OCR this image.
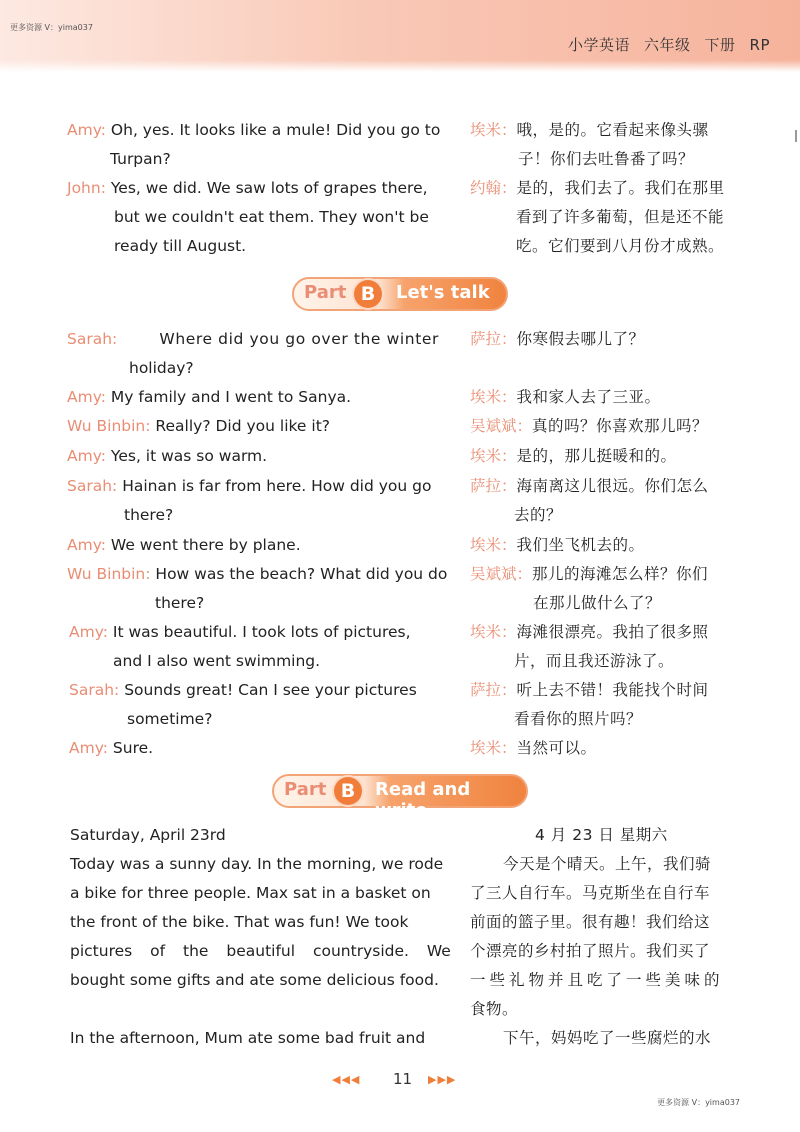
更多资源 V：yima037
小学英语 六年级 下册 RP
Amy: Oh, yes. It looks like a mule! Did you go to
Turpan?
John: Yes, we did. We saw lots of grapes there,
but we couldn't eat them. They won't be
ready till August.
埃米：哦，是的。它看起来像头骡
子！你们去吐鲁番了吗？
约翰：是的，我们去了。我们在那里
看到了许多葡萄，但是还不能
吃。它们要到八月份才成熟。
Part B	Let's talk
Sarah:	Where did you go over the winter
holiday?
Amy: My family and I went to Sanya.
Wu Binbin: Really? Did you like it?
Amy: Yes, it was so warm.
Sarah: Hainan is far from here. How did you go
there?
Amy: We went there by plane.
Wu Binbin: How was the beach? What did you do
there?
Amy: It was beautiful. I took lots of pictures,
and I also went swimming.
Sarah: Sounds great! Can I see your pictures
sometime?
Amy: Sure.
萨拉：你寒假去哪儿了？
埃米：我和家人去了三亚。
吴斌斌：真的吗？你喜欢那儿吗？
埃米：是的，那儿挺暖和的。
萨拉：海南离这儿很远。你们怎么
去的？
埃米：我们坐飞机去的。
吴斌斌：那儿的海滩怎么样？你们
在那儿做什么了？
埃米：海滩很漂亮。我拍了很多照
片，而且我还游泳了。
萨拉：听上去不错！我能找个时间
看看你的照片吗？
埃米：当然可以。
Part B	Read and write
Saturday, April 23rd
Today was a sunny day. In the morning, we rode
a bike for three people. Max sat in a basket on
the front of the bike. That was fun! We took
pictures of the beautiful countryside. We
bought some gifts and ate some delicious food.
In the afternoon, Mum ate some bad fruit and
4 月 23 日 星期六
今天是个晴天。上午，我们骑
了三人自行车。马克斯坐在自行车
前面的篮子里。很有趣！我们给这
个漂亮的乡村拍了照片。我们买了
一些礼物并且吃了一些美味的
食物。
下午，妈妈吃了一些腐烂的水
◀◀◀ 11 ▶▶▶
更多资源 V：yima037
